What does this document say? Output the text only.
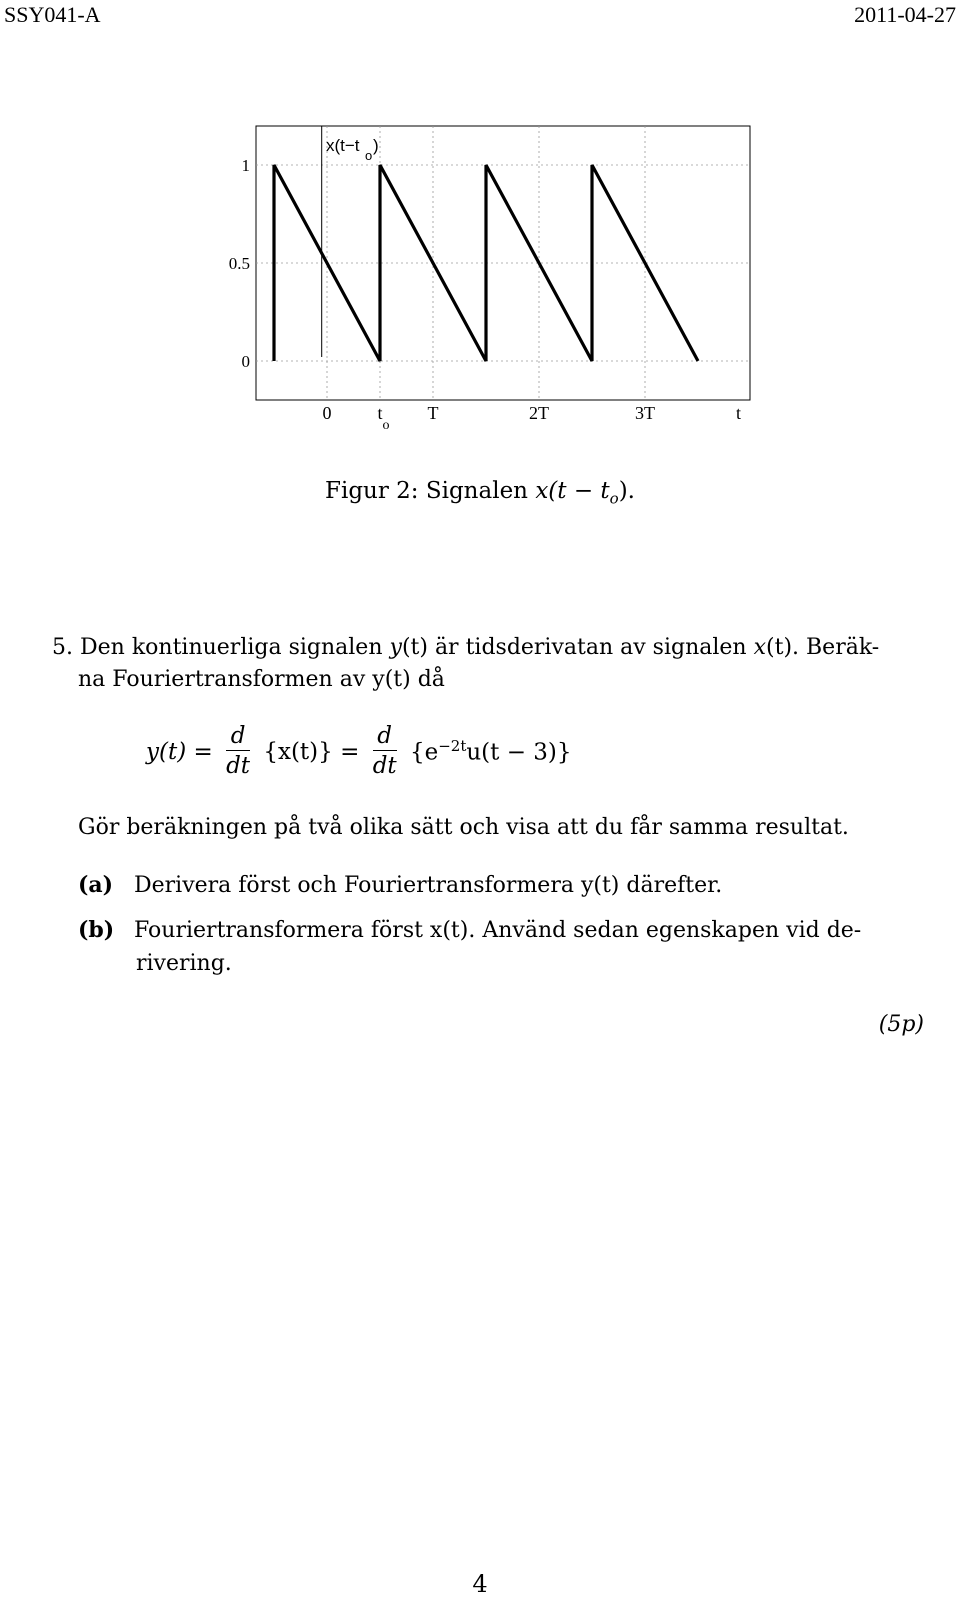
SSY041-A	2011-04-27
1
0.5
0
0	t T	2T	3T
o
x(t−t
o
)
t
Figur 2: Signalen $x(t - t_o)$.
5. Den kontinuerliga signalen y(t) är tidsderivatan av signalen x(t). Beräk-
na Fouriertransformen av y(t) då
$y(t) = \frac{d}{dt} \{x(t)\} = \frac{d}{dt} \{e^{-2t}u(t - 3)\}$
Gör beräkningen på två olika sätt och visa att du får samma resultat.
(a) Derivera först och Fouriertransformera y(t) därefter.
(b) Fouriertransformera först x(t). Använd sedan egenskapen vid de-
rivering.
(5p)
4
